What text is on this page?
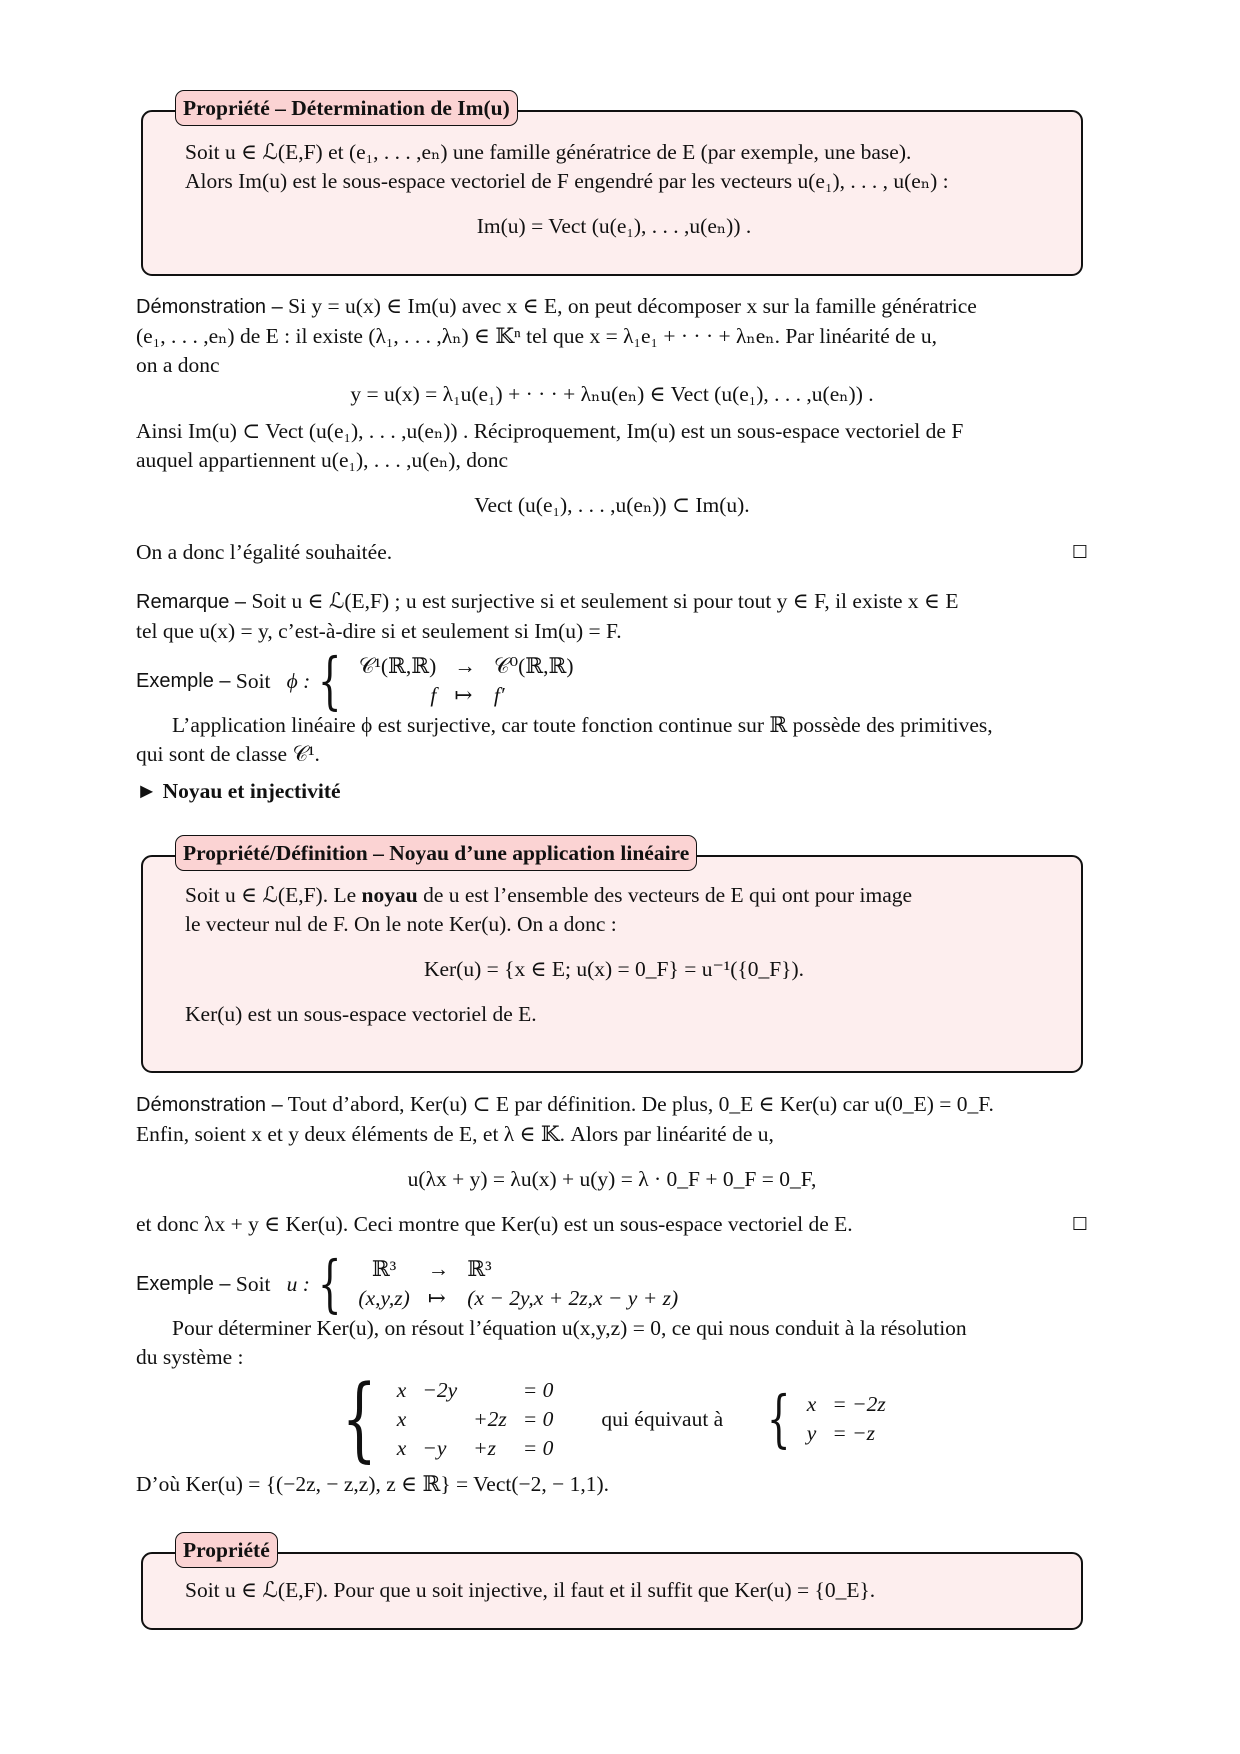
Propriété – Détermination de Im(u)
Soit u ∈ ℒ(E,F) et (e₁, . . . ,eₙ) une famille génératrice de E (par exemple, une base).
Alors Im(u) est le sous-espace vectoriel de F engendré par les vecteurs u(e₁), . . . , u(eₙ) :
Im(u) = Vect (u(e₁), . . . ,u(eₙ)) .
Démonstration – Si y = u(x) ∈ Im(u) avec x ∈ E, on peut décomposer x sur la famille génératrice
(e₁, . . . ,eₙ) de E : il existe (λ₁, . . . ,λₙ) ∈ 𝕂ⁿ tel que x = λ₁e₁ + · · · + λₙeₙ. Par linéarité de u,
on a donc
y = u(x) = λ₁u(e₁) + · · · + λₙu(eₙ) ∈ Vect (u(e₁), . . . ,u(eₙ)) .
Ainsi Im(u) ⊂ Vect (u(e₁), . . . ,u(eₙ)) . Réciproquement, Im(u) est un sous-espace vectoriel de F
auquel appartiennent u(e₁), . . . ,u(eₙ), donc
Vect (u(e₁), . . . ,u(eₙ)) ⊂ Im(u).
On a donc l’égalité souhaitée.	☐
Remarque – Soit u ∈ ℒ(E,F) ; u est surjective si et seulement si pour tout y ∈ F, il existe x ∈ E
tel que u(x) = y, c’est-à-dire si et seulement si Im(u) = F.
Exemple –
Soit
ϕ : { 𝒞¹(ℝ,ℝ)	→	𝒞⁰(ℝ,ℝ)
f	↦	f′
L’application linéaire ϕ est surjective, car toute fonction continue sur ℝ possède des primitives,
qui sont de classe 𝒞¹.
► Noyau et injectivité
Propriété/Définition – Noyau d’une application linéaire
Soit u ∈ ℒ(E,F). Le noyau de u est l’ensemble des vecteurs de E qui ont pour image
le vecteur nul de F. On le note Ker(u). On a donc :
Ker(u) = {x ∈ E; u(x) = 0_F} = u⁻¹({0_F}).
Ker(u) est un sous-espace vectoriel de E.
Démonstration – Tout d’abord, Ker(u) ⊂ E par définition. De plus, 0_E ∈ Ker(u) car u(0_E) = 0_F.
Enfin, soient x et y deux éléments de E, et λ ∈ 𝕂. Alors par linéarité de u,
u(λx + y) = λu(x) + u(y) = λ · 0_F + 0_F = 0_F,
et donc λx + y ∈ Ker(u). Ceci montre que Ker(u) est un sous-espace vectoriel de E.	☐
Exemple –
Soit
u : { ℝ³	→	ℝ³
(x,y,z)	↦	(x − 2y,x + 2z,x − y + z)
Pour déterminer Ker(u), on résout l’équation u(x,y,z) = 0, ce qui nous conduit à la résolution
du système :
{ x	−2y		= 0
x		+2z	= 0
x	−y	+z	= 0
qui équivaut à { x	= −2z
y	= −z
D’où Ker(u) = {(−2z, − z,z), z ∈ ℝ} = Vect(−2, − 1,1).
Propriété
Soit u ∈ ℒ(E,F). Pour que u soit injective, il faut et il suffit que Ker(u) = {0_E}.
